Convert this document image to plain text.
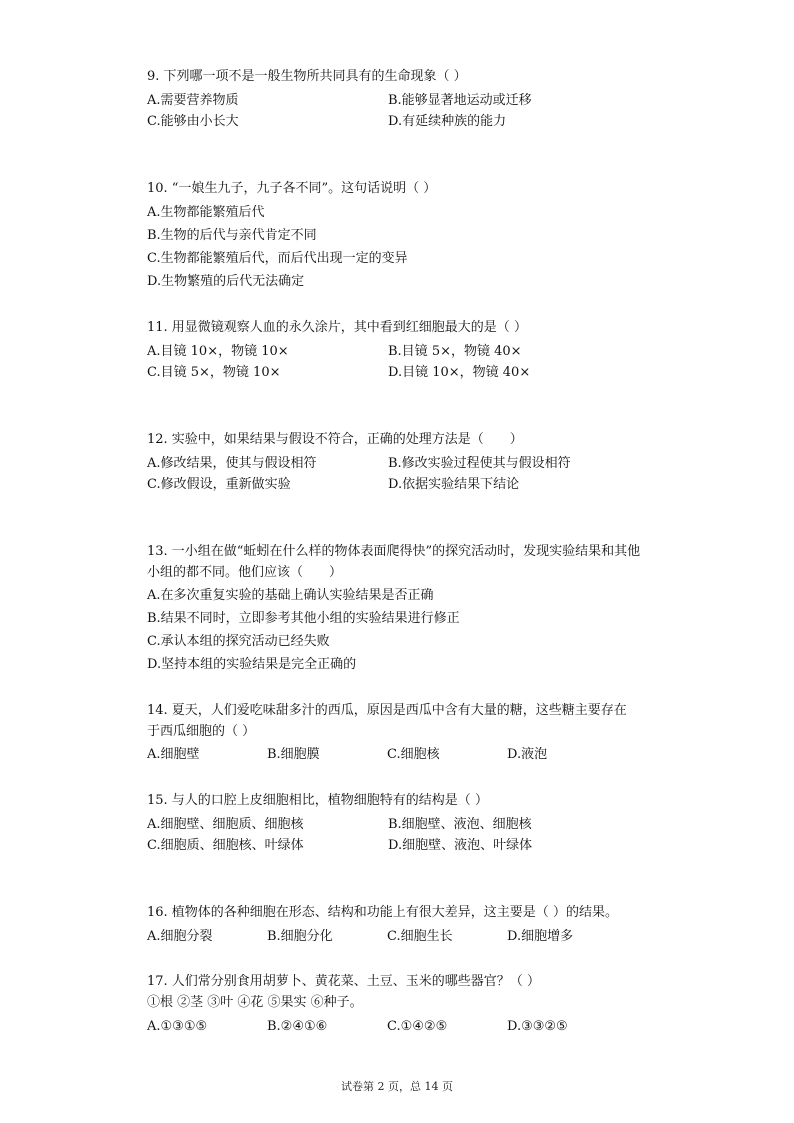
9. 下列哪一项不是一般生物所共同具有的生命现象（ ）
A.需要营养物质	B.能够显著地运动或迁移
C.能够由小长大	D.有延续种族的能力
10. “一娘生九子，九子各不同”。这句话说明（ ）
A.生物都能繁殖后代
B.生物的后代与亲代肯定不同
C.生物都能繁殖后代，而后代出现一定的变异
D.生物繁殖的后代无法确定
11. 用显微镜观察人血的永久涂片，其中看到红细胞最大的是（ ）
A.目镜 10×，物镜 10×	B.目镜 5×，物镜 40×
C.目镜 5×，物镜 10×	D.目镜 10×，物镜 40×
12. 实验中，如果结果与假设不符合，正确的处理方法是（　　）
A.修改结果，使其与假设相符	B.修改实验过程使其与假设相符
C.修改假设，重新做实验	D.依据实验结果下结论
13. 一小组在做“蚯蚓在什么样的物体表面爬得快”的探究活动时，发现实验结果和其他
小组的都不同。他们应该（　　）
A.在多次重复实验的基础上确认实验结果是否正确
B.结果不同时，立即参考其他小组的实验结果进行修正
C.承认本组的探究活动已经失败
D.坚持本组的实验结果是完全正确的
14. 夏天，人们爱吃味甜多汁的西瓜，原因是西瓜中含有大量的糖，这些糖主要存在
于西瓜细胞的（ ）
A.细胞壁	B.细胞膜	C.细胞核	D.液泡
15. 与人的口腔上皮细胞相比，植物细胞特有的结构是（ ）
A.细胞壁、细胞质、细胞核	B.细胞壁、液泡、细胞核
C.细胞质、细胞核、叶绿体	D.细胞壁、液泡、叶绿体
16. 植物体的各种细胞在形态、结构和功能上有很大差异，这主要是（ ）的结果。
A.细胞分裂	B.细胞分化	C.细胞生长	D.细胞增多
17. 人们常分别食用胡萝卜、黄花菜、土豆、玉米的哪些器官？（ ）
①根 ②茎 ③叶 ④花 ⑤果实 ⑥种子。
A.①③①⑤	B.②④①⑥	C.①④②⑤	D.③③②⑤
试卷第 2 页，总 14 页
